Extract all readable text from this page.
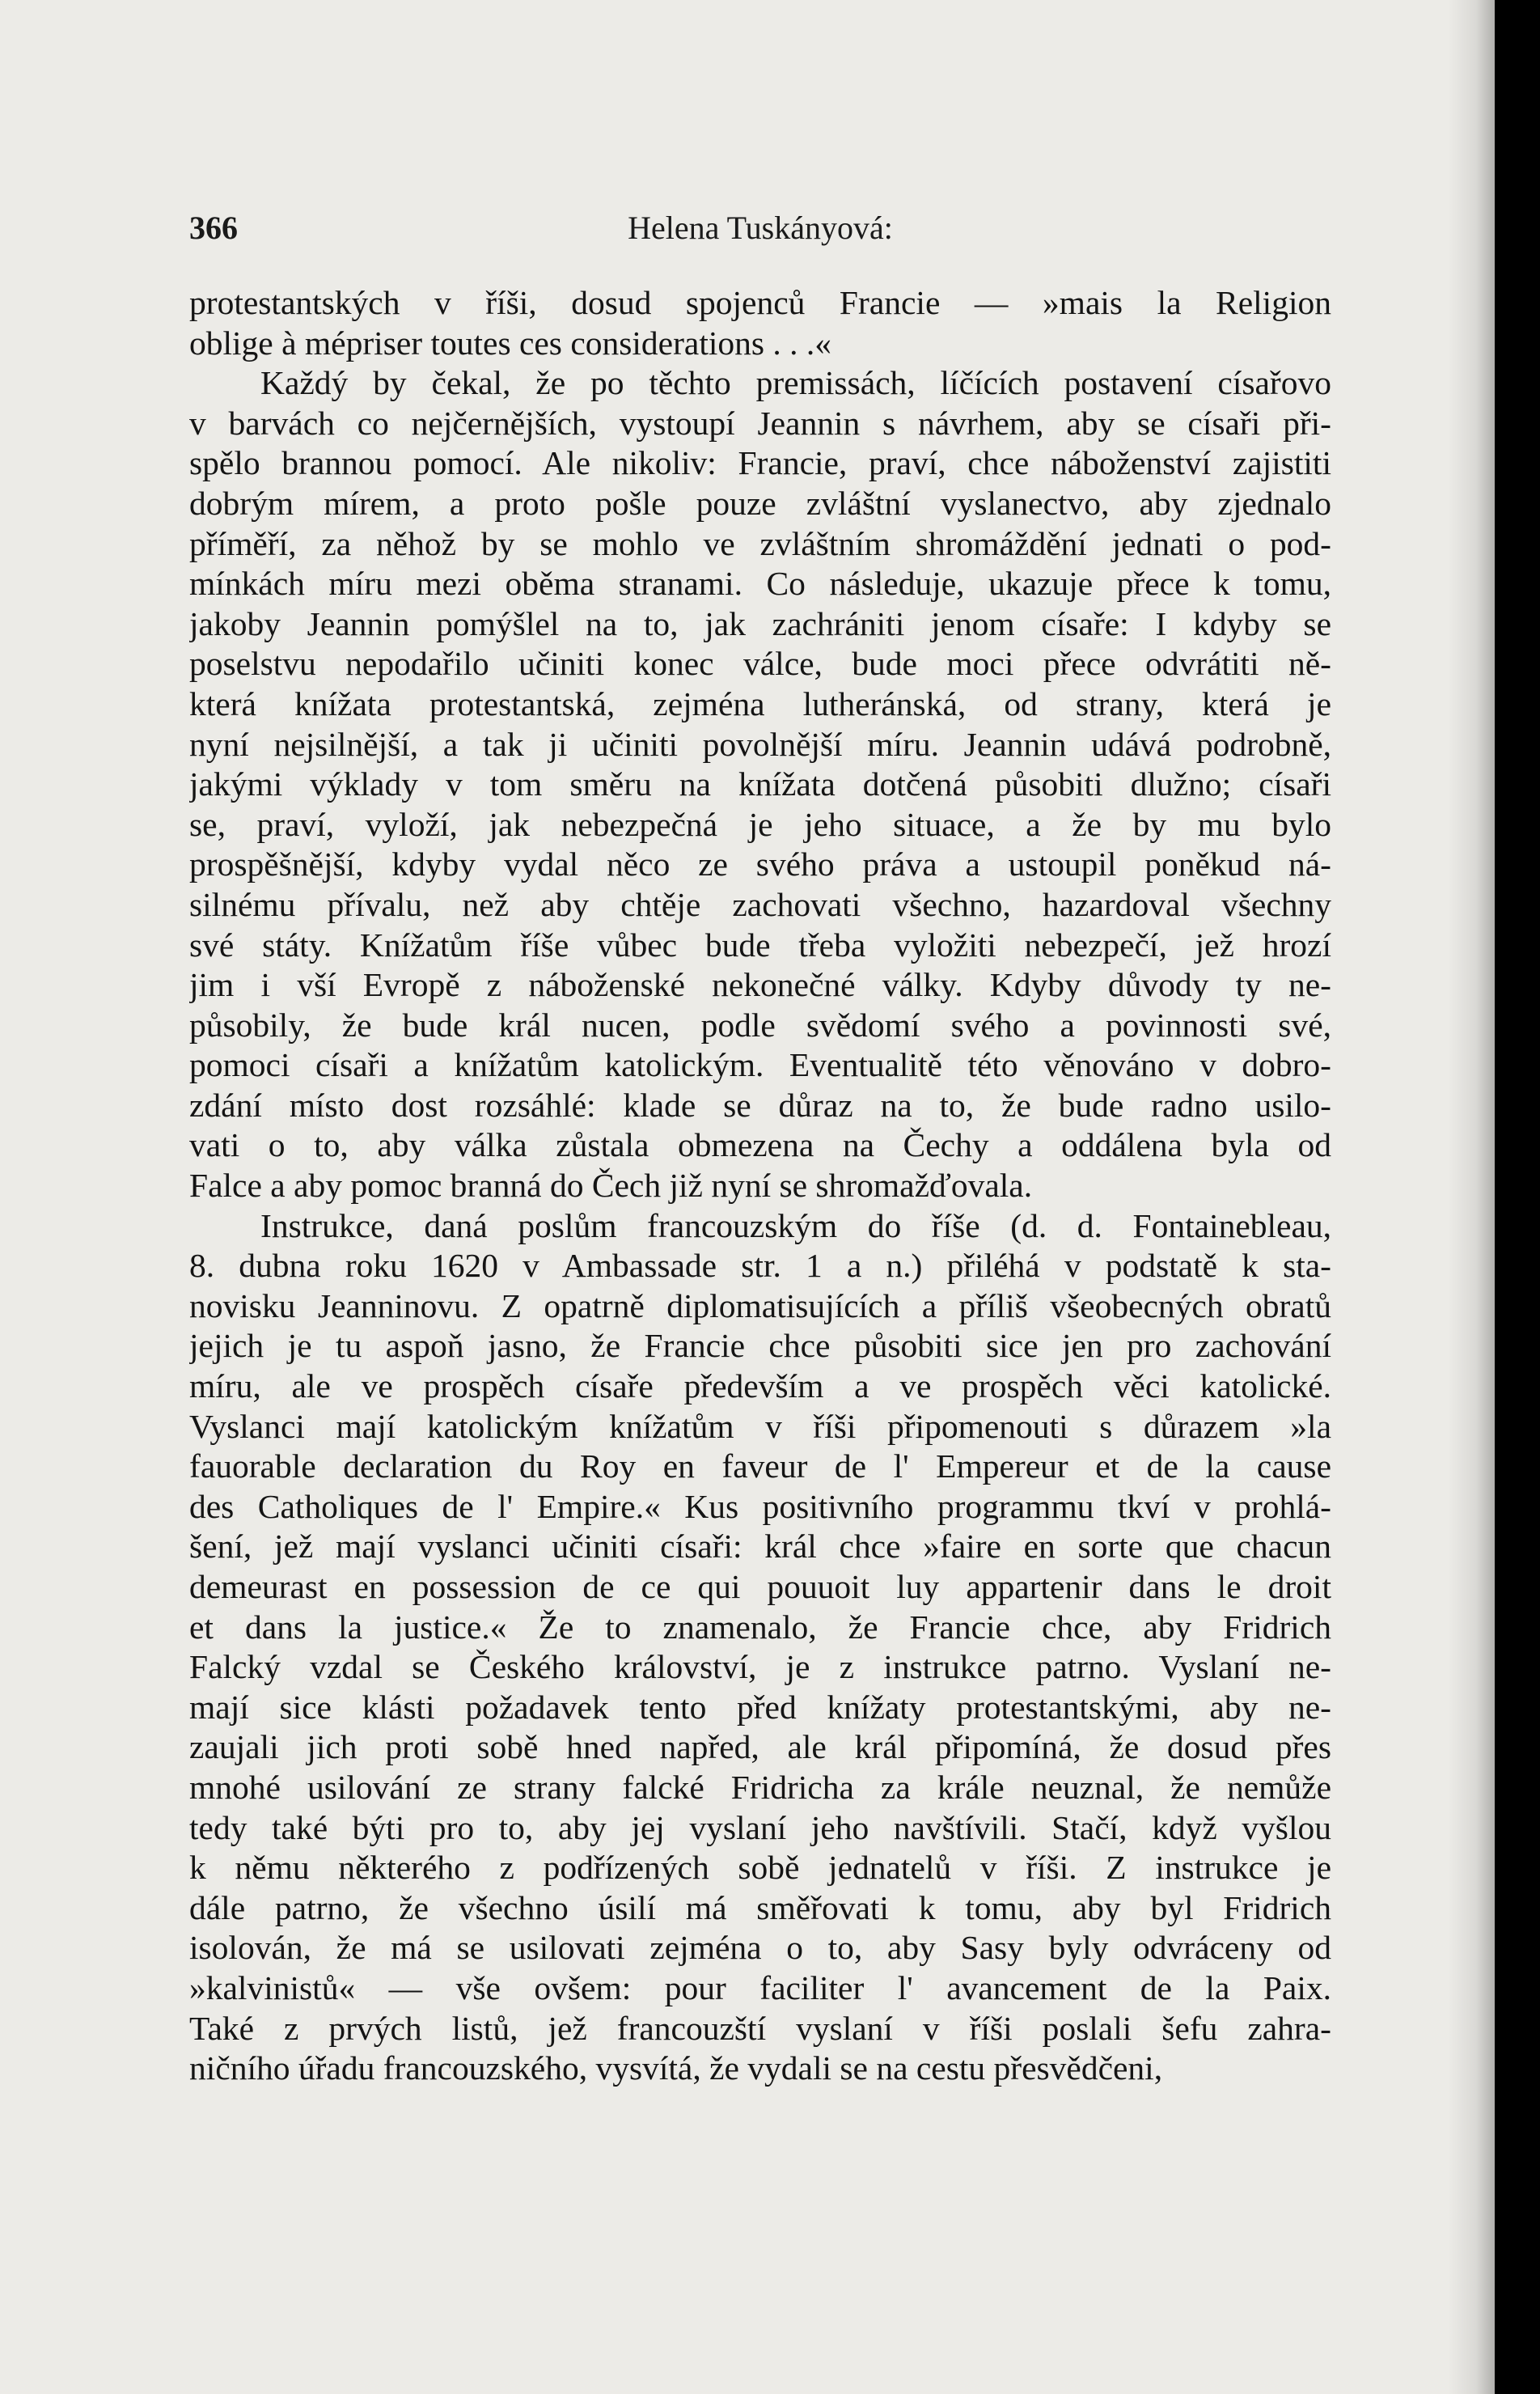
366	Helena Tuskányová:
protestantských v říši, dosud spojenců Francie — »mais la Religion
oblige à mépriser toutes ces considerations . . .«
Každý by čekal, že po těchto premissách, líčících postavení císařovo
v barvách co nejčernějších, vystoupí Jeannin s návrhem, aby se císaři při-
spělo brannou pomocí. Ale nikoliv: Francie, praví, chce náboženství zajistiti
dobrým mírem, a proto pošle pouze zvláštní vyslanectvo, aby zjednalo
příměří, za něhož by se mohlo ve zvláštním shromáždění jednati o pod-
mínkách míru mezi oběma stranami. Co následuje, ukazuje přece k tomu,
jakoby Jeannin pomýšlel na to, jak zachrániti jenom císaře: I kdyby se
poselstvu nepodařilo učiniti konec válce, bude moci přece odvrátiti ně-
která knížata protestantská, zejména lutheránská, od strany, která je
nyní nejsilnější, a tak ji učiniti povolnější míru. Jeannin udává podrobně,
jakými výklady v tom směru na knížata dotčená působiti dlužno; císaři
se, praví, vyloží, jak nebezpečná je jeho situace, a že by mu bylo
prospěšnější, kdyby vydal něco ze svého práva a ustoupil poněkud ná-
silnému přívalu, než aby chtěje zachovati všechno, hazardoval všechny
své státy. Knížatům říše vůbec bude třeba vyložiti nebezpečí, jež hrozí
jim i vší Evropě z náboženské nekonečné války. Kdyby důvody ty ne-
působily, že bude král nucen, podle svědomí svého a povinnosti své,
pomoci císaři a knížatům katolickým. Eventualitě této věnováno v dobro-
zdání místo dost rozsáhlé: klade se důraz na to, že bude radno usilo-
vati o to, aby válka zůstala obmezena na Čechy a oddálena byla od
Falce a aby pomoc branná do Čech již nyní se shromažďovala.
Instrukce, daná poslům francouzským do říše (d. d. Fontainebleau,
8. dubna roku 1620 v Ambassade str. 1 a n.) přiléhá v podstatě k sta-
novisku Jeanninovu. Z opatrně diplomatisujících a příliš všeobecných obratů
jejich je tu aspoň jasno, že Francie chce působiti sice jen pro zachování
míru, ale ve prospěch císaře především a ve prospěch věci katolické.
Vyslanci mají katolickým knížatům v říši připomenouti s důrazem »la
fauorable declaration du Roy en faveur de l' Empereur et de la cause
des Catholiques de l' Empire.« Kus positivního programmu tkví v prohlá-
šení, jež mají vyslanci učiniti císaři: král chce »faire en sorte que chacun
demeurast en possession de ce qui pouuoit luy appartenir dans le droit
et dans la justice.« Že to znamenalo, že Francie chce, aby Fridrich
Falcký vzdal se Českého království, je z instrukce patrno. Vyslaní ne-
mají sice klásti požadavek tento před knížaty protestantskými, aby ne-
zaujali jich proti sobě hned napřed, ale král připomíná, že dosud přes
mnohé usilování ze strany falcké Fridricha za krále neuznal, že nemůže
tedy také býti pro to, aby jej vyslaní jeho navštívili. Stačí, když vyšlou
k němu některého z podřízených sobě jednatelů v říši. Z instrukce je
dále patrno, že všechno úsilí má směřovati k tomu, aby byl Fridrich
isolován, že má se usilovati zejména o to, aby Sasy byly odvráceny od
»kalvinistů« — vše ovšem: pour faciliter l' avancement de la Paix.
Také z prvých listů, jež francouzští vyslaní v říši poslali šefu zahra-
ničního úřadu francouzského, vysvítá, že vydali se na cestu přesvědčeni,
